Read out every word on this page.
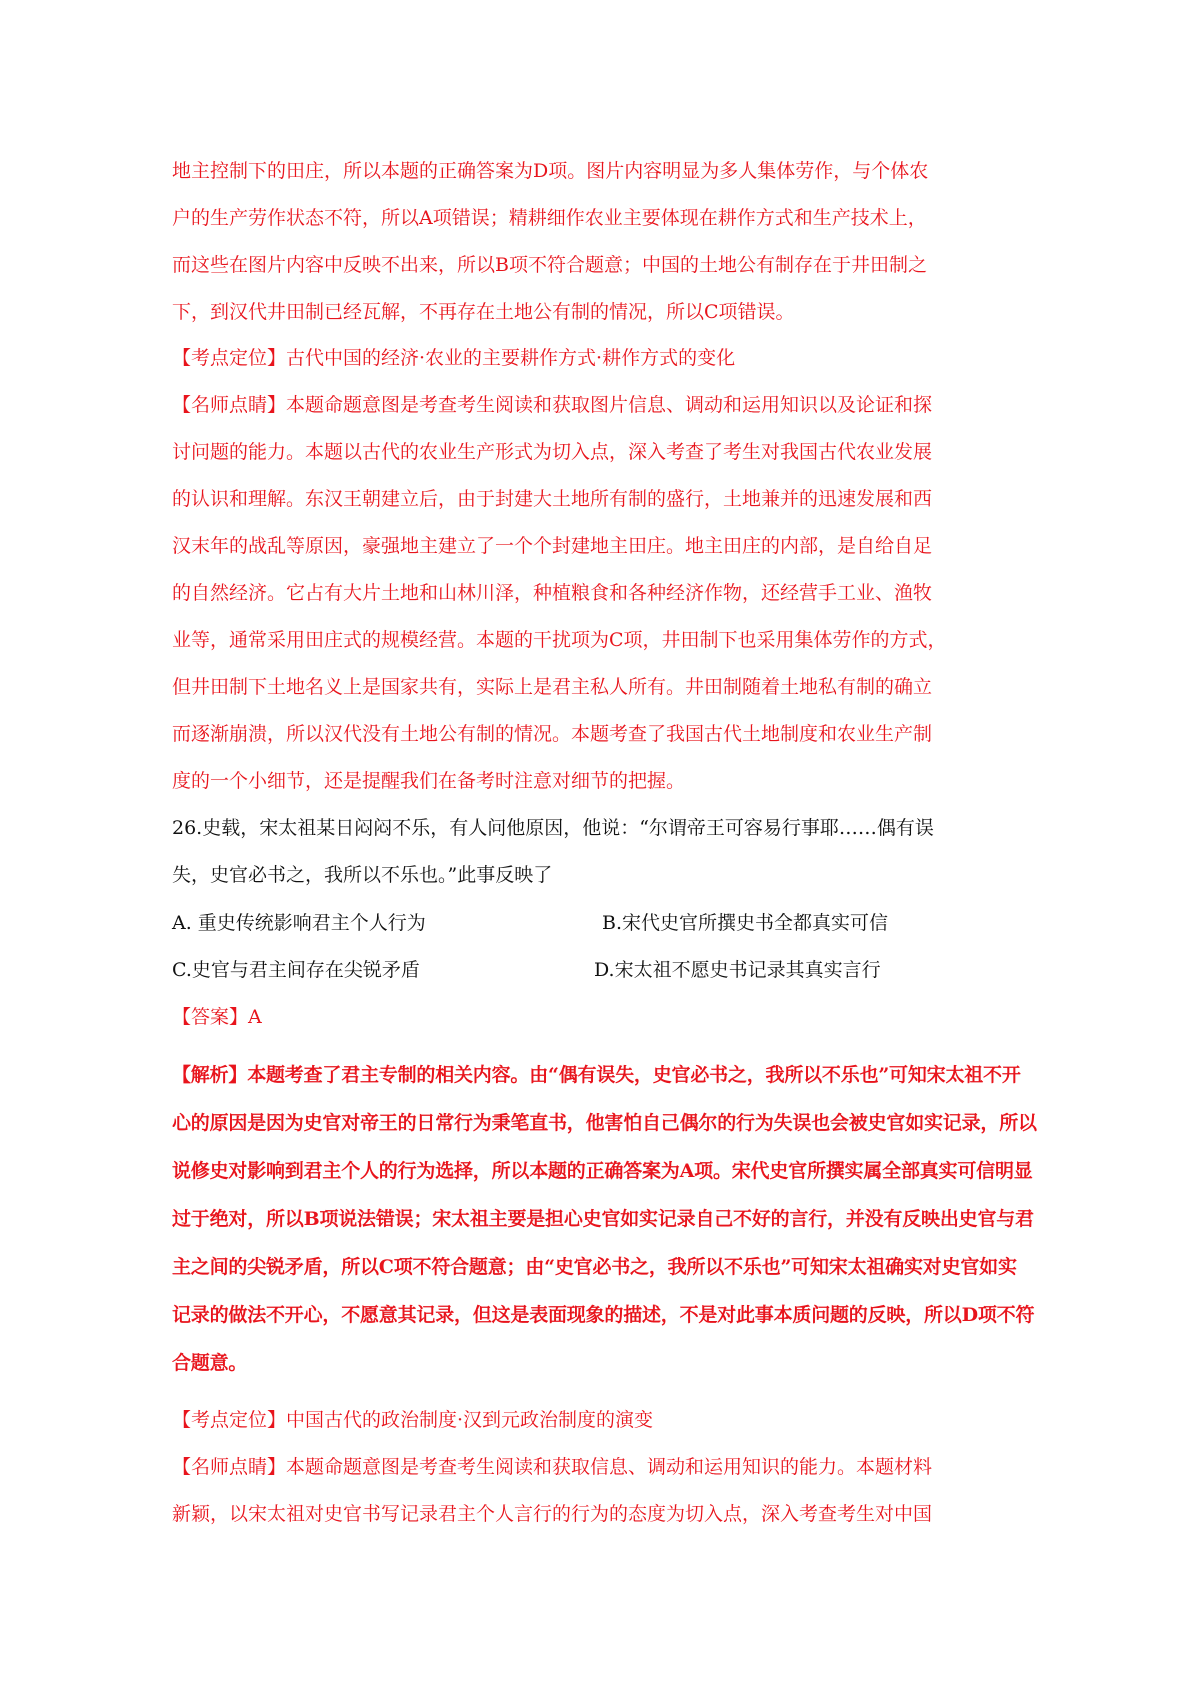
地主控制下的田庄，所以本题的正确答案为D项。图片内容明显为多人集体劳作，与个体农
户的生产劳作状态不符，所以A项错误；精耕细作农业主要体现在耕作方式和生产技术上，
而这些在图片内容中反映不出来，所以B项不符合题意；中国的土地公有制存在于井田制之
下，到汉代井田制已经瓦解，不再存在土地公有制的情况，所以C项错误。
【考点定位】古代中国的经济·农业的主要耕作方式·耕作方式的变化
【名师点睛】本题命题意图是考查考生阅读和获取图片信息、调动和运用知识以及论证和探
讨问题的能力。本题以古代的农业生产形式为切入点，深入考查了考生对我国古代农业发展
的认识和理解。东汉王朝建立后，由于封建大土地所有制的盛行，土地兼并的迅速发展和西
汉末年的战乱等原因，豪强地主建立了一个个封建地主田庄。地主田庄的内部，是自给自足
的自然经济。它占有大片土地和山林川泽，种植粮食和各种经济作物，还经营手工业、渔牧
业等，通常采用田庄式的规模经营。本题的干扰项为C项，井田制下也采用集体劳作的方式，
但井田制下土地名义上是国家共有，实际上是君主私人所有。井田制随着土地私有制的确立
而逐渐崩溃，所以汉代没有土地公有制的情况。本题考查了我国古代土地制度和农业生产制
度的一个小细节，还是提醒我们在备考时注意对细节的把握。
26.史载，宋太祖某日闷闷不乐，有人问他原因，他说：“尔谓帝王可容易行事耶……偶有误
失，史官必书之，我所以不乐也。”此事反映了
A. 重史传统影响君主个人行为	B.宋代史官所撰史书全都真实可信
C.史官与君主间存在尖锐矛盾	D.宋太祖不愿史书记录其真实言行
【答案】A
【解析】本题考查了君主专制的相关内容。由“偶有误失，史官必书之，我所以不乐也”可知宋太祖不开
心的原因是因为史官对帝王的日常行为秉笔直书，他害怕自己偶尔的行为失误也会被史官如实记录，所以
说修史对影响到君主个人的行为选择，所以本题的正确答案为A项。宋代史官所撰实属全部真实可信明显
过于绝对，所以B项说法错误；宋太祖主要是担心史官如实记录自己不好的言行，并没有反映出史官与君
主之间的尖锐矛盾，所以C项不符合题意；由“史官必书之，我所以不乐也”可知宋太祖确实对史官如实
记录的做法不开心，不愿意其记录，但这是表面现象的描述，不是对此事本质问题的反映，所以D项不符
合题意。
【考点定位】中国古代的政治制度·汉到元政治制度的演变
【名师点睛】本题命题意图是考查考生阅读和获取信息、调动和运用知识的能力。本题材料
新颖，以宋太祖对史官书写记录君主个人言行的行为的态度为切入点，深入考查考生对中国
